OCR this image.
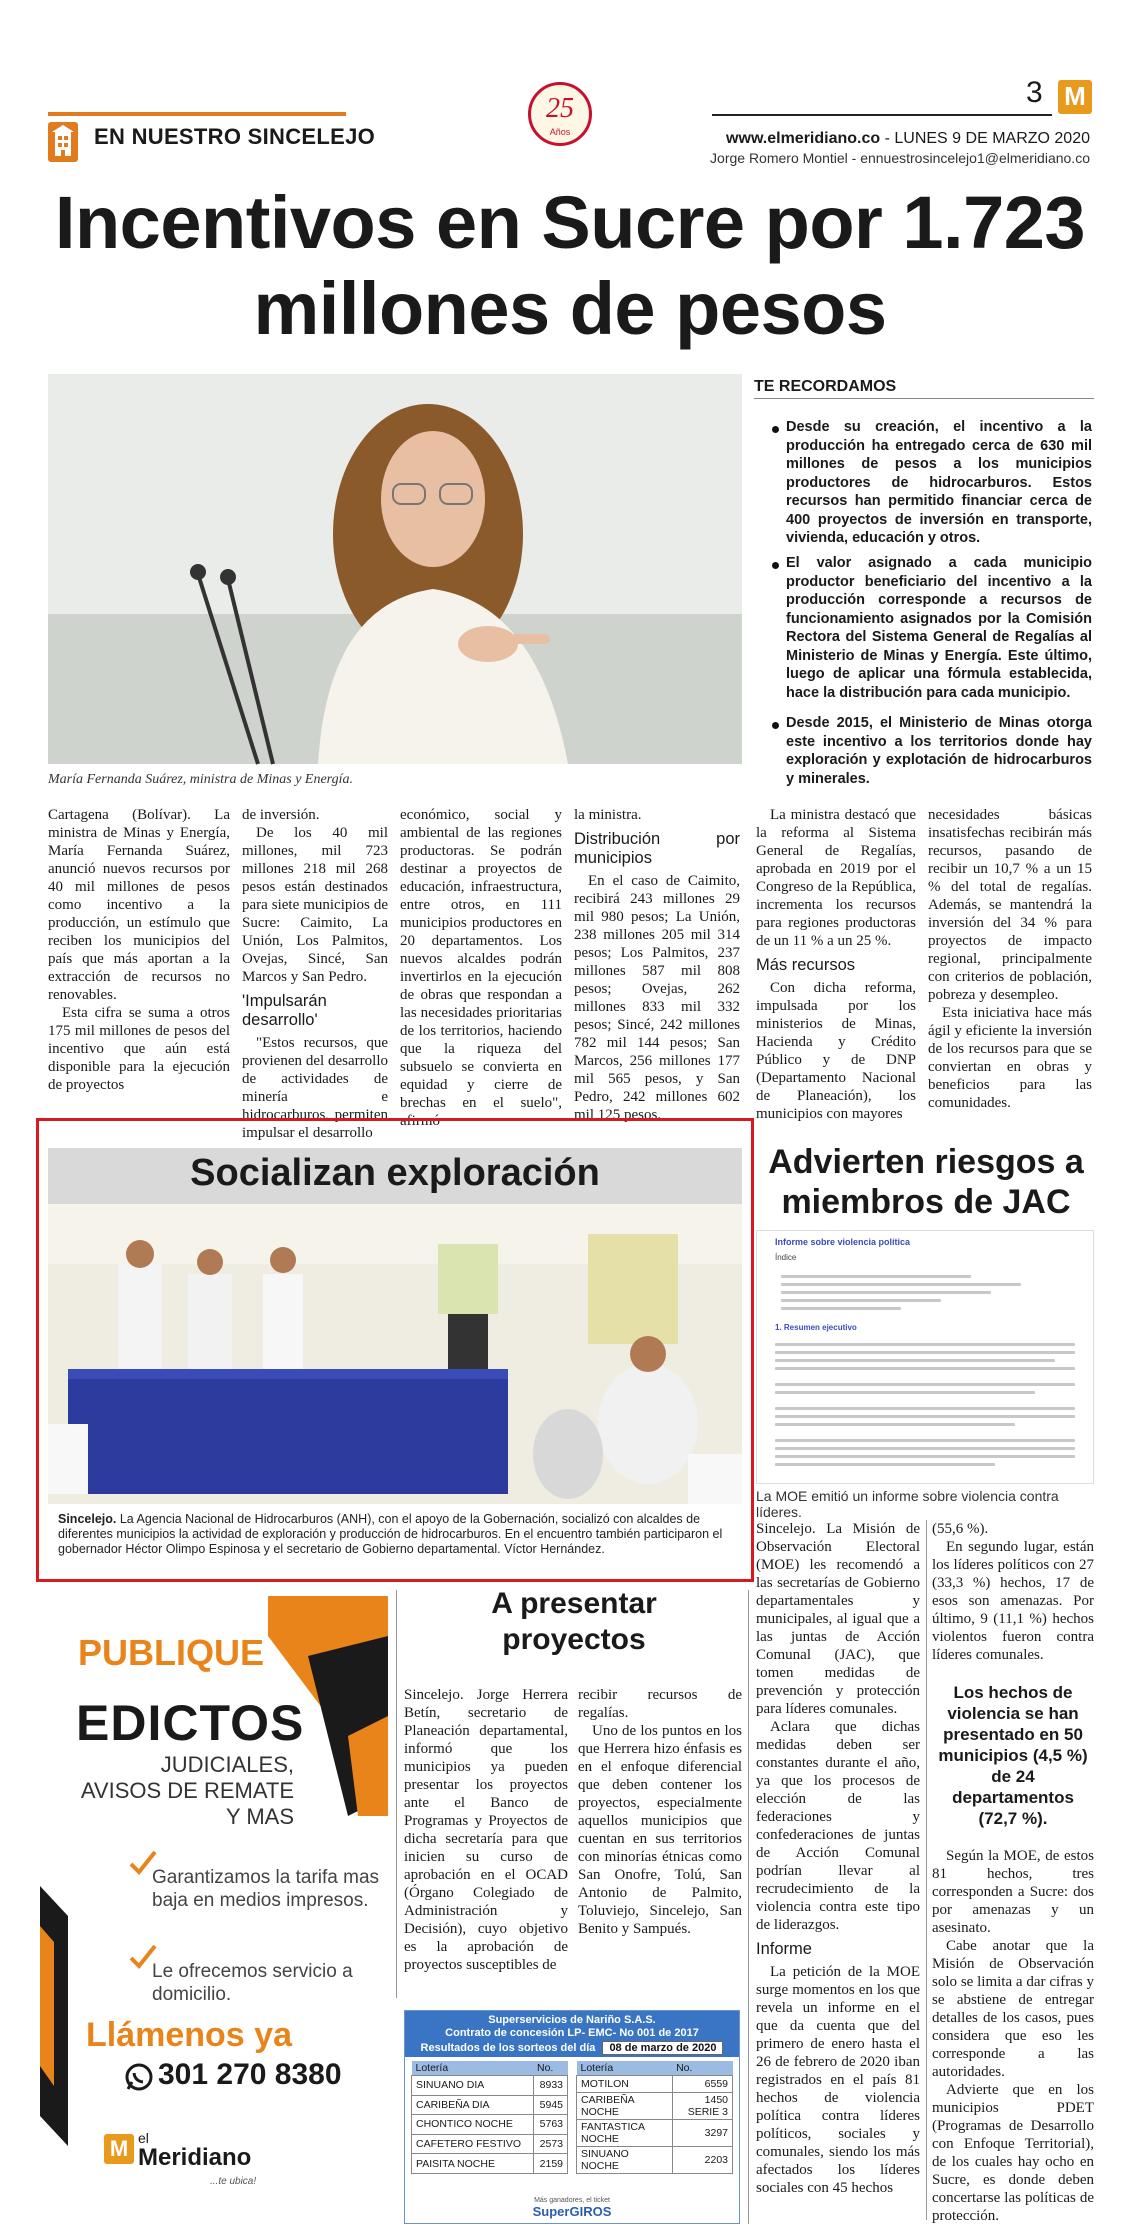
EN NUESTRO SINCELEJO
25
Años
3 M
www.elmeridiano.co - LUNES 9 DE MARZO 2020
Jorge Romero Montiel - ennuestrosincelejo1@elmeridiano.co
Incentivos en Sucre por 1.723 millones de pesos
María Fernanda Suárez, ministra de Minas y Energía.
TE RECORDAMOS
Desde su creación, el incentivo a la producción ha entregado cerca de 630 mil millones de pesos a los municipios productores de hidrocarburos. Estos recursos han permitido financiar cerca de 400 proyectos de inversión en transporte, vivienda, educación y otros.
El valor asignado a cada municipio productor beneficiario del incentivo a la producción corresponde a recursos de funcionamiento asignados por la Comisión Rectora del Sistema General de Regalías al Ministerio de Minas y Energía. Este último, luego de aplicar una fórmula establecida, hace la distribución para cada municipio.
Desde 2015, el Ministerio de Minas otorga este incentivo a los territorios donde hay exploración y explotación de hidrocarburos y minerales.

Cartagena (Bolívar). La ministra de Minas y Energía, María Fernanda Suárez, anunció nuevos recursos por 40 mil millones de pesos como incentivo a la producción, un estímulo que reciben los municipios del país que más aportan a la extracción de recursos no renovables.

Esta cifra se suma a otros 175 mil millones de pesos del incentivo que aún está disponible para la ejecución de proyectos

de inversión.

De los 40 mil millones, mil 723 millones 218 mil 268 pesos están destinados para siete municipios de Sucre: Caimito, La Unión, Los Palmitos, Ovejas, Sincé, San Marcos y San Pedro.

'Impulsarán desarrollo'

"Estos recursos, que provienen del desarrollo de actividades de minería e hidrocarburos, permiten impulsar el desarrollo

económico, social y ambiental de las regiones productoras. Se podrán destinar a proyectos de educación, infraestructura, entre otros, en 111 municipios productores en 20 departamentos. Los nuevos alcaldes podrán invertirlos en la ejecución de obras que respondan a las necesidades prioritarias de los territorios, haciendo que la riqueza del subsuelo se convierta en equidad y cierre de brechas en el suelo", afirmó

la ministra.

Distribución por municipios

En el caso de Caimito, recibirá 243 millones 29 mil 980 pesos; La Unión, 238 millones 205 mil 314 pesos; Los Palmitos, 237 millones 587 mil 808 pesos; Ovejas, 262 millones 833 mil 332 pesos; Sincé, 242 millones 782 mil 144 pesos; San Marcos, 256 millones 177 mil 565 pesos, y San Pedro, 242 millones 602 mil 125 pesos.

La ministra destacó que la reforma al Sistema General de Regalías, aprobada en 2019 por el Congreso de la República, incrementa los recursos para regiones productoras de un 11 % a un 25 %.

Más recursos

Con dicha reforma, impulsada por los ministerios de Minas, Hacienda y Crédito Público y de DNP (Departamento Nacional de Planeación), los municipios con mayores

necesidades básicas insatisfechas recibirán más recursos, pasando de recibir un 10,7 % a un 15 % del total de regalías. Además, se mantendrá la inversión del 34 % para proyectos de impacto regional, principalmente con criterios de población, pobreza y desempleo.

Esta iniciativa hace más ágil y eficiente la inversión de los recursos para que se conviertan en obras y beneficios para las comunidades.

Socializan exploración
Sincelejo. La Agencia Nacional de Hidrocarburos (ANH), con el apoyo de la Gobernación, socializó con alcaldes de diferentes municipios la actividad de exploración y producción de hidrocarburos. En el encuentro también participaron el gobernador Héctor Olimpo Espinosa y el secretario de Gobierno departamental. Víctor Hernández.
Advierten riesgos a miembros de JAC
Informe sobre violencia política
Índice
1. Resumen ejecutivo
La MOE emitió un informe sobre violencia contra líderes.

Sincelejo. La Misión de Observación Electoral (MOE) les recomendó a las secretarías de Gobierno departamentales y municipales, al igual que a las juntas de Acción Comunal (JAC), que tomen medidas de prevención y protección para líderes comunales.

Aclara que dichas medidas deben ser constantes durante el año, ya que los procesos de elección de las federaciones y confederaciones de juntas de Acción Comunal podrían llevar al recrudecimiento de la violencia contra este tipo de liderazgos.

Informe

La petición de la MOE surge momentos en los que revela un informe en el que da cuenta que del primero de enero hasta el 26 de febrero de 2020 iban registrados en el país 81 hechos de violencia política contra líderes políticos, sociales y comunales, siendo los más afectados los líderes sociales con 45 hechos

(55,6 %).

En segundo lugar, están los líderes políticos con 27 (33,3 %) hechos, 17 de esos son amenazas. Por último, 9 (11,1 %) hechos violentos fueron contra líderes comunales.

Los hechos de violencia se han presentado en 50 municipios (4,5 %) de 24 departamentos (72,7 %).

Según la MOE, de estos 81 hechos, tres corresponden a Sucre: dos por amenazas y un asesinato.

Cabe anotar que la Misión de Observación solo se limita a dar cifras y se abstiene de entregar detalles de los casos, pues considera que eso les corresponde a las autoridades.

Advierte que en los municipios PDET (Programas de Desarrollo con Enfoque Territorial), de los cuales hay ocho en Sucre, es donde deben concertarse las políticas de protección.

A presentar proyectos

Sincelejo. Jorge Herrera Betín, secretario de Planeación departamental, informó que los municipios ya pueden presentar los proyectos ante el Banco de Programas y Proyectos de dicha secretaría para que inicien su curso de aprobación en el OCAD (Órgano Colegiado de Administración y Decisión), cuyo objetivo es la aprobación de proyectos susceptibles de

recibir recursos de regalías.

Uno de los puntos en los que Herrera hizo énfasis es en el enfoque diferencial que deben contener los proyectos, especialmente aquellos municipios que cuentan en sus territorios con minorías étnicas como San Onofre, Tolú, San Antonio de Palmito, Toluviejo, Sincelejo, San Benito y Sampués.

PUBLIQUE
EDICTOS
JUDICIALES,
AVISOS DE REMATE
Y MAS
Garantizamos la tarifa mas baja en medios impresos.
Le ofrecemos servicio a domicilio.
Llámenos ya
301 270 8380
M el
Meridiano
...te ubica!
Superservicios de Nariño S.A.S.
Contrato de concesión LP- EMC- No 001 de 2017
Resultados de los sorteos del día 08 de marzo de 2020
Lotería	No.
SINUANO DIA	8933
CARIBEÑA DIA	5945
CHONTICO NOCHE	5763
CAFETERO FESTIVO	2573
PAISITA NOCHE	2159
Lotería	No.
MOTILON	6559
CARIBEÑA NOCHE	1450 SERIE 3
FANTASTICA NOCHE	3297
SINUANO NOCHE	2203
Más ganadores, el ticket
SuperGIROS
